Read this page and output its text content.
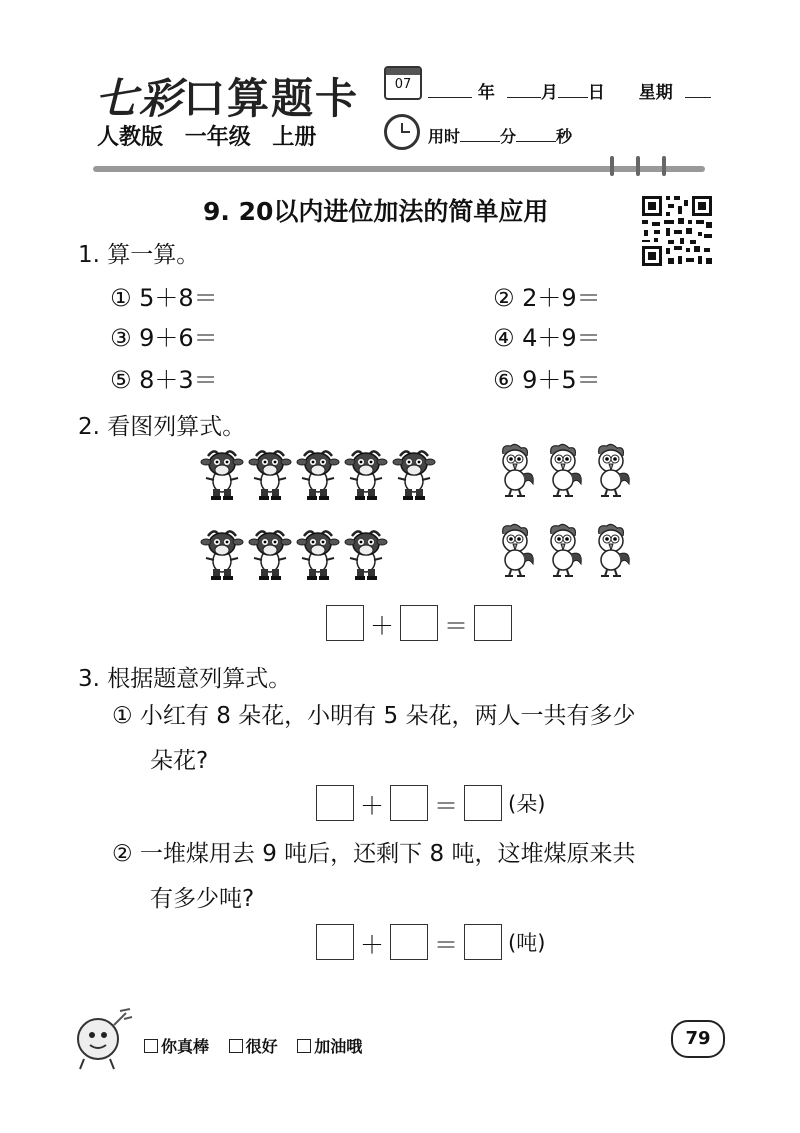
七彩口算题卡
人教版 一年级 上册
07	年	月 日 星期
用时	分	秒
9. 20以内进位加法的简单应用
1. 算一算。
① 5＋8＝	② 2＋9＝
③ 9＋6＝	④ 4＋9＝
⑤ 8＋3＝	⑥ 9＋5＝
2. 看图列算式。
＋ ＝
3. 根据题意列算式。
① 小红有 8 朵花，小明有 5 朵花，两人一共有多少
朵花?
＋ ＝ (朵)
② 一堆煤用去 9 吨后，还剩下 8 吨，这堆煤原来共
有多少吨?
＋ ＝ (吨)
你真棒 很好 加油哦	79
